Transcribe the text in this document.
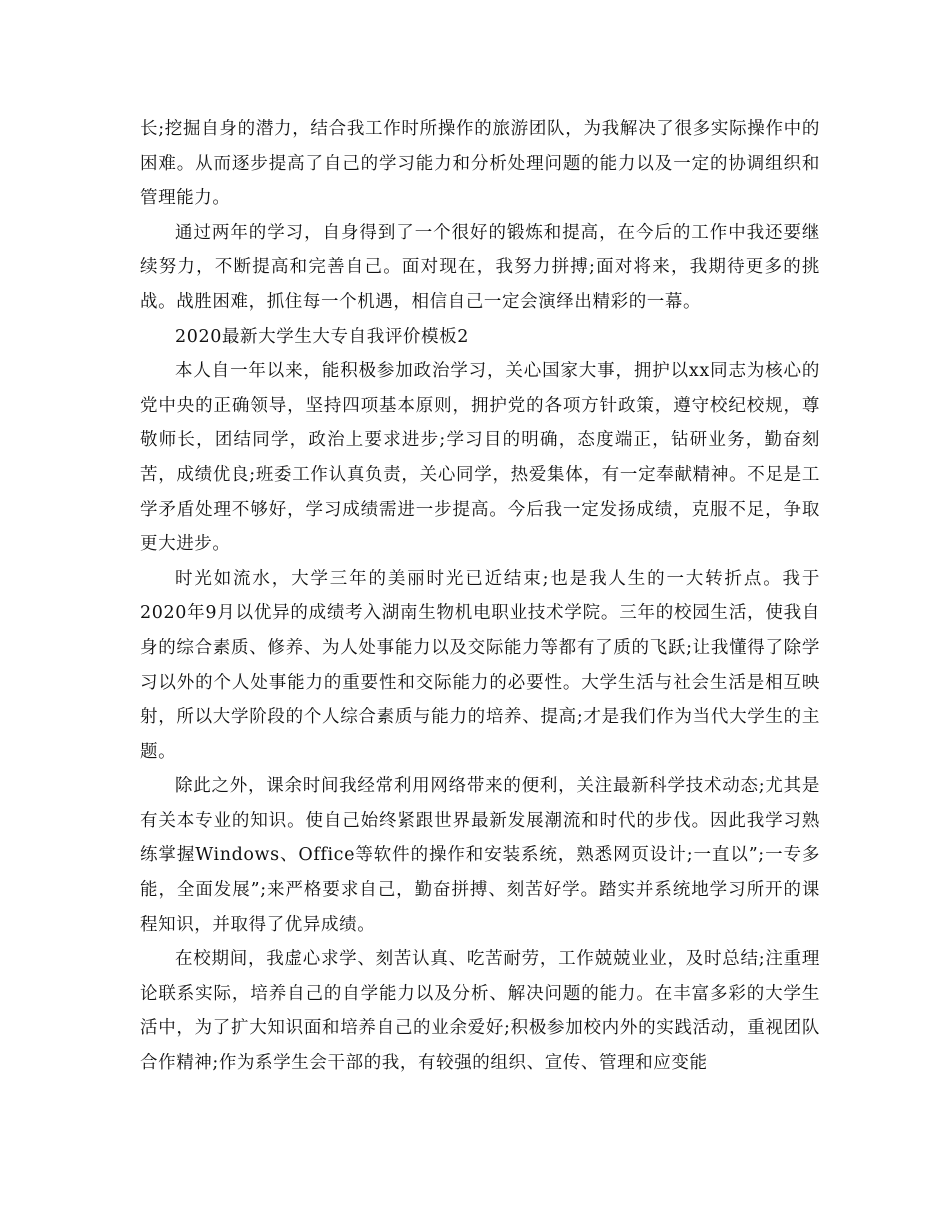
长;挖掘自身的潜力，结合我工作时所操作的旅游团队，为我解决了很多实际操作中的困难。从而逐步提高了自己的学习能力和分析处理问题的能力以及一定的协调组织和管理能力。

通过两年的学习，自身得到了一个很好的锻炼和提高，在今后的工作中我还要继续努力，不断提高和完善自己。面对现在，我努力拼搏;面对将来，我期待更多的挑战。战胜困难，抓住每一个机遇，相信自己一定会演绎出精彩的一幕。

2020最新大学生大专自我评价模板2

本人自一年以来，能积极参加政治学习，关心国家大事，拥护以xx同志为核心的党中央的正确领导，坚持四项基本原则，拥护党的各项方针政策，遵守校纪校规，尊敬师长，团结同学，政治上要求进步;学习目的明确，态度端正，钻研业务，勤奋刻苦，成绩优良;班委工作认真负责，关心同学，热爱集体，有一定奉献精神。不足是工学矛盾处理不够好，学习成绩需进一步提高。今后我一定发扬成绩，克服不足，争取更大进步。

时光如流水，大学三年的美丽时光已近结束;也是我人生的一大转折点。我于2020年9月以优异的成绩考入湖南生物机电职业技术学院。三年的校园生活，使我自身的综合素质、修养、为人处事能力以及交际能力等都有了质的飞跃;让我懂得了除学习以外的个人处事能力的重要性和交际能力的必要性。大学生活与社会生活是相互映射，所以大学阶段的个人综合素质与能力的培养、提高;才是我们作为当代大学生的主题。

除此之外，课余时间我经常利用网络带来的便利，关注最新科学技术动态;尤其是有关本专业的知识。使自己始终紧跟世界最新发展潮流和时代的步伐。因此我学习熟练掌握Windows、Office等软件的操作和安装系统，熟悉网页设计;一直以”;一专多能，全面发展”;来严格要求自己，勤奋拼搏、刻苦好学。踏实并系统地学习所开的课程知识，并取得了优异成绩。

在校期间，我虚心求学、刻苦认真、吃苦耐劳，工作兢兢业业，及时总结;注重理论联系实际，培养自己的自学能力以及分析、解决问题的能力。在丰富多彩的大学生活中，为了扩大知识面和培养自己的业余爱好;积极参加校内外的实践活动，重视团队合作精神;作为系学生会干部的我，有较强的组织、宣传、管理和应变能
